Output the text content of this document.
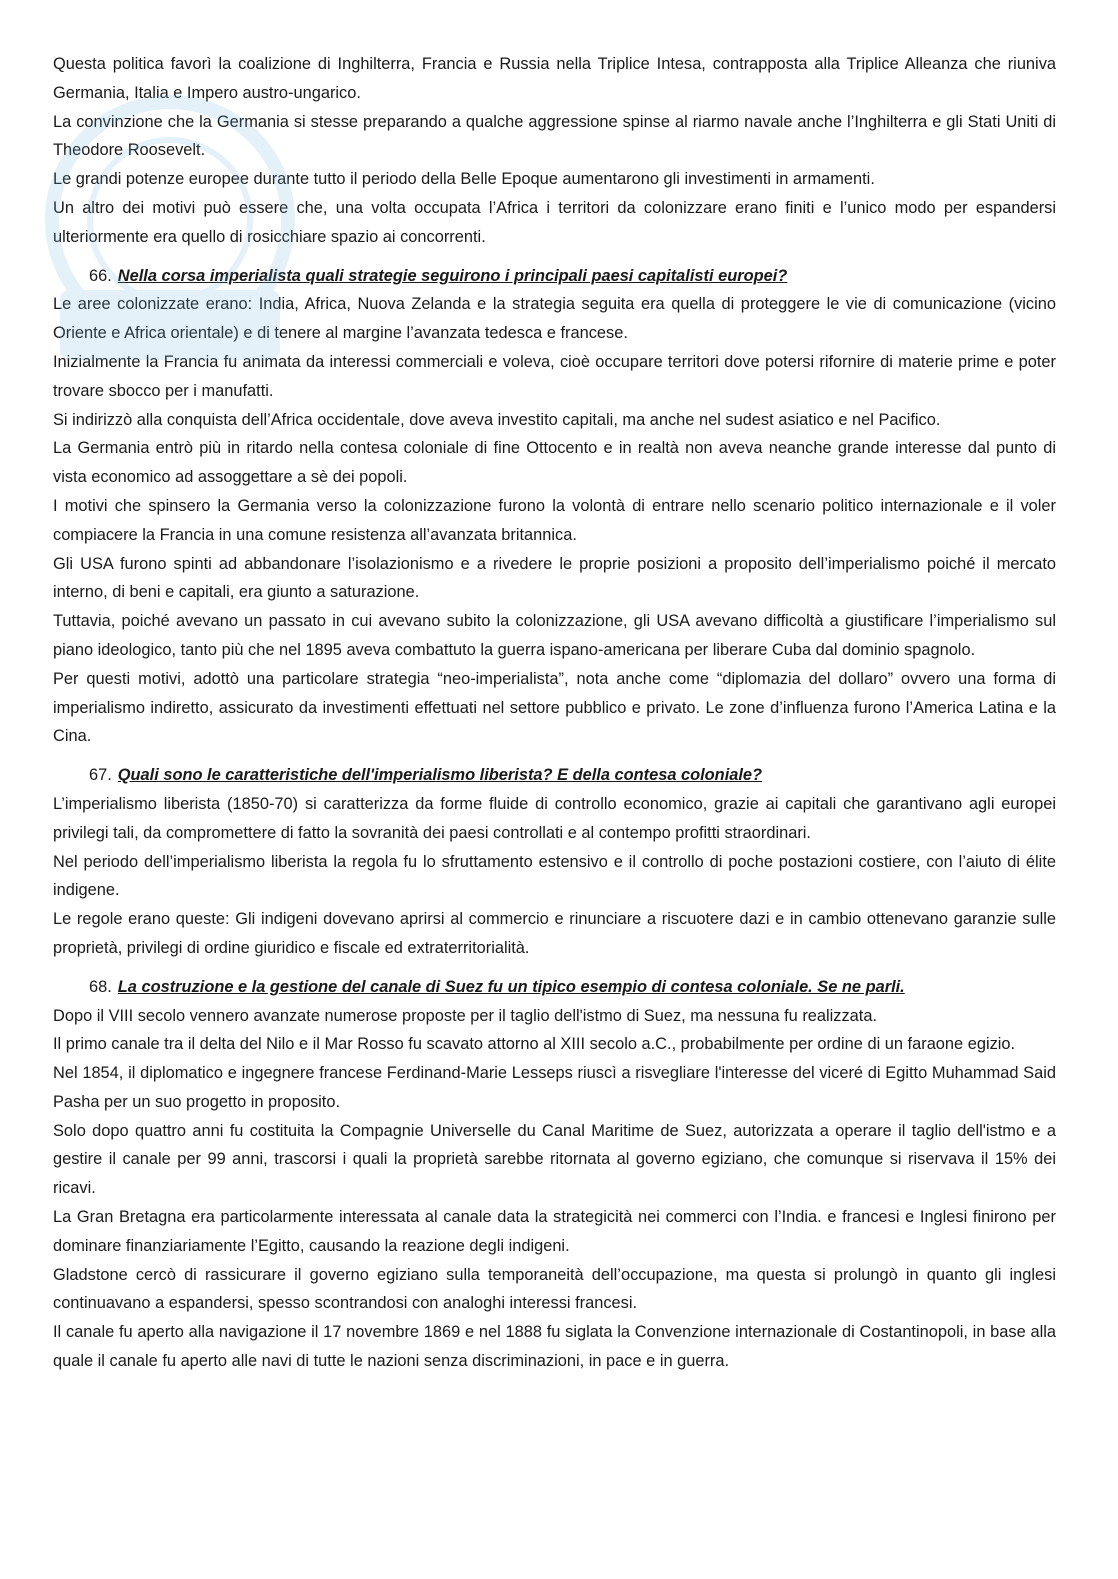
Questa politica favorì la coalizione di Inghilterra, Francia e Russia nella Triplice Intesa, contrapposta alla Triplice Alleanza che riuniva Germania, Italia e Impero austro-ungarico.

La convinzione che la Germania si stesse preparando a qualche aggressione spinse al riarmo navale anche l’Inghilterra e gli Stati Uniti di Theodore Roosevelt.

Le grandi potenze europee durante tutto il periodo della Belle Epoque aumentarono gli investimenti in armamenti.

Un altro dei motivi può essere che, una volta occupata l’Africa i territori da colonizzare erano finiti e l’unico modo per espandersi ulteriormente era quello di rosicchiare spazio ai concorrenti.

66. Nella corsa imperialista quali strategie seguirono i principali paesi capitalisti europei?

Le aree colonizzate erano: India, Africa, Nuova Zelanda e la strategia seguita era quella di proteggere le vie di comunicazione (vicino Oriente e Africa orientale) e di tenere al margine l’avanzata tedesca e francese.

Inizialmente la Francia fu animata da interessi commerciali e voleva, cioè occupare territori dove potersi rifornire di materie prime e poter trovare sbocco per i manufatti.

Si indirizzò alla conquista dell’Africa occidentale, dove aveva investito capitali, ma anche nel sudest asiatico e nel Pacifico.

La Germania entrò più in ritardo nella contesa coloniale di fine Ottocento e in realtà non aveva neanche grande interesse dal punto di vista economico ad assoggettare a sè dei popoli.

I motivi che spinsero la Germania verso la colonizzazione furono la volontà di entrare nello scenario politico internazionale e il voler compiacere la Francia in una comune resistenza all’avanzata britannica.

Gli USA furono spinti ad abbandonare l’isolazionismo e a rivedere le proprie posizioni a proposito dell’imperialismo poiché il mercato interno, di beni e capitali, era giunto a saturazione.

Tuttavia, poiché avevano un passato in cui avevano subito la colonizzazione, gli USA avevano difficoltà a giustificare l’imperialismo sul piano ideologico, tanto più che nel 1895 aveva combattuto la guerra ispano-americana per liberare Cuba dal dominio spagnolo.

Per questi motivi, adottò una particolare strategia “neo-imperialista”, nota anche come “diplomazia del dollaro” ovvero una forma di imperialismo indiretto, assicurato da investimenti effettuati nel settore pubblico e privato. Le zone d’influenza furono l’America Latina e la Cina.

67. Quali sono le caratteristiche dell'imperialismo liberista? E della contesa coloniale?

L’imperialismo liberista (1850-70) si caratterizza da forme fluide di controllo economico, grazie ai capitali che garantivano agli europei privilegi tali, da compromettere di fatto la sovranità dei paesi controllati e al contempo profitti straordinari.

Nel periodo dell’imperialismo liberista la regola fu lo sfruttamento estensivo e il controllo di poche postazioni costiere, con l’aiuto di élite indigene.

Le regole erano queste: Gli indigeni dovevano aprirsi al commercio e rinunciare a riscuotere dazi e in cambio ottenevano garanzie sulle proprietà, privilegi di ordine giuridico e fiscale ed extraterritorialità.

68. La costruzione e la gestione del canale di Suez fu un tipico esempio di contesa coloniale. Se ne parli.

Dopo il VIII secolo vennero avanzate numerose proposte per il taglio dell'istmo di Suez, ma nessuna fu realizzata.

Il primo canale tra il delta del Nilo e il Mar Rosso fu scavato attorno al XIII secolo a.C., probabilmente per ordine di un faraone egizio.

Nel 1854, il diplomatico e ingegnere francese Ferdinand-Marie Lesseps riuscì a risvegliare l'interesse del viceré di Egitto Muhammad Said Pasha per un suo progetto in proposito.

Solo dopo quattro anni fu costituita la Compagnie Universelle du Canal Maritime de Suez, autorizzata a operare il taglio dell'istmo e a gestire il canale per 99 anni, trascorsi i quali la proprietà sarebbe ritornata al governo egiziano, che comunque si riservava il 15% dei ricavi.

La Gran Bretagna era particolarmente interessata al canale data la strategicità nei commerci con l’India. e francesi e Inglesi finirono per dominare finanziariamente l’Egitto, causando la reazione degli indigeni.

Gladstone cercò di rassicurare il governo egiziano sulla temporaneità dell’occupazione, ma questa si prolungò in quanto gli inglesi continuavano a espandersi, spesso scontrandosi con analoghi interessi francesi.

Il canale fu aperto alla navigazione il 17 novembre 1869 e nel 1888 fu siglata la Convenzione internazionale di Costantinopoli, in base alla quale il canale fu aperto alle navi di tutte le nazioni senza discriminazioni, in pace e in guerra.
